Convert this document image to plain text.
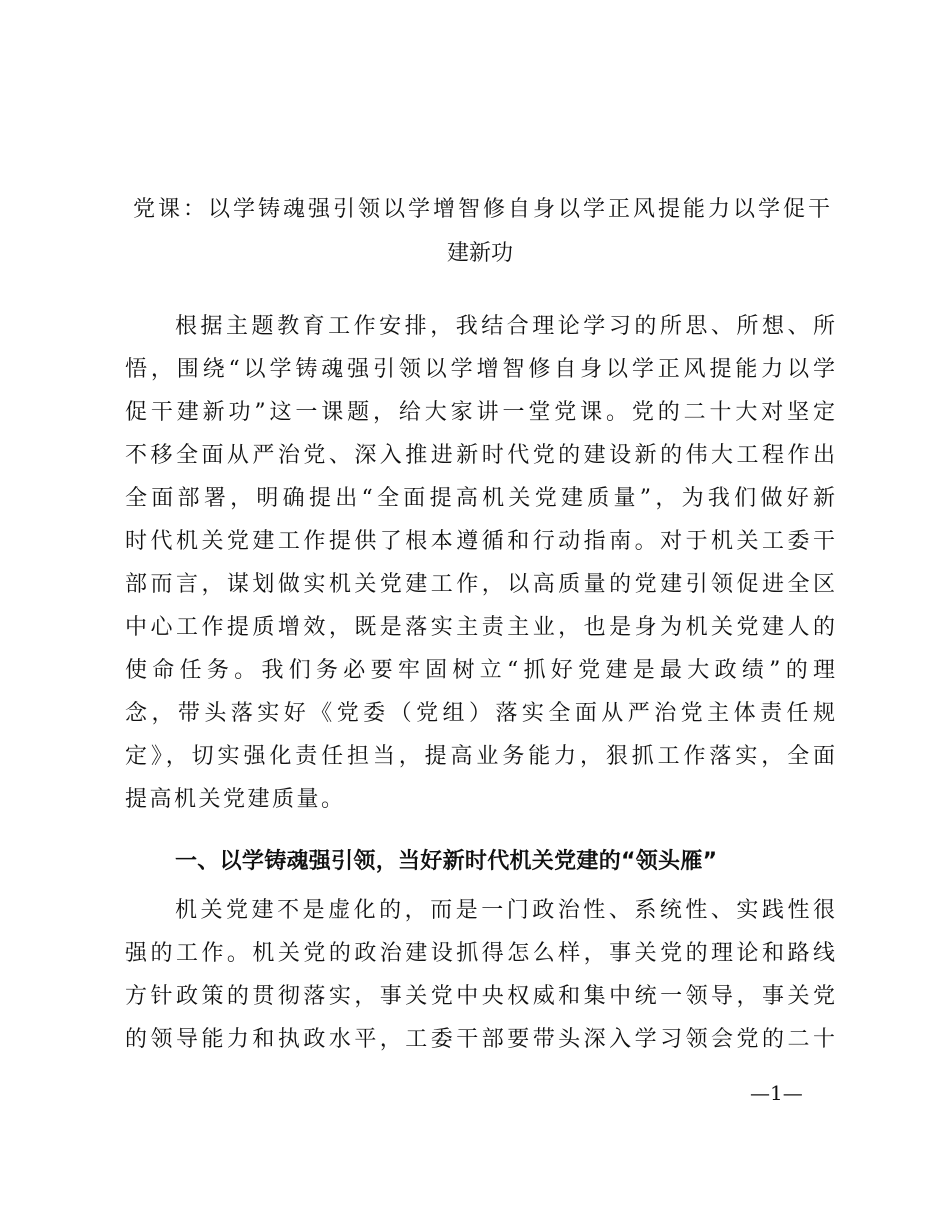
党课：以学铸魂强引领以学增智修自身以学正风提能力以学促干
建新功
根据主题教育工作安排，我结合理论学习的所思、所想、所
悟，围绕“以学铸魂强引领以学增智修自身以学正风提能力以学
促干建新功”这一课题，给大家讲一堂党课。党的二十大对坚定
不移全面从严治党、深入推进新时代党的建设新的伟大工程作出
全面部署，明确提出“全面提高机关党建质量”，为我们做好新
时代机关党建工作提供了根本遵循和行动指南。对于机关工委干
部而言，谋划做实机关党建工作，以高质量的党建引领促进全区
中心工作提质增效，既是落实主责主业，也是身为机关党建人的
使命任务。我们务必要牢固树立“抓好党建是最大政绩”的理
念，带头落实好《党委（党组）落实全面从严治党主体责任规
定》，切实强化责任担当，提高业务能力，狠抓工作落实，全面
提高机关党建质量。
一、以学铸魂强引领，当好新时代机关党建的“领头雁”
机关党建不是虚化的，而是一门政治性、系统性、实践性很
强的工作。机关党的政治建设抓得怎么样，事关党的理论和路线
方针政策的贯彻落实，事关党中央权威和集中统一领导，事关党
的领导能力和执政水平，工委干部要带头深入学习领会党的二十
—1—
